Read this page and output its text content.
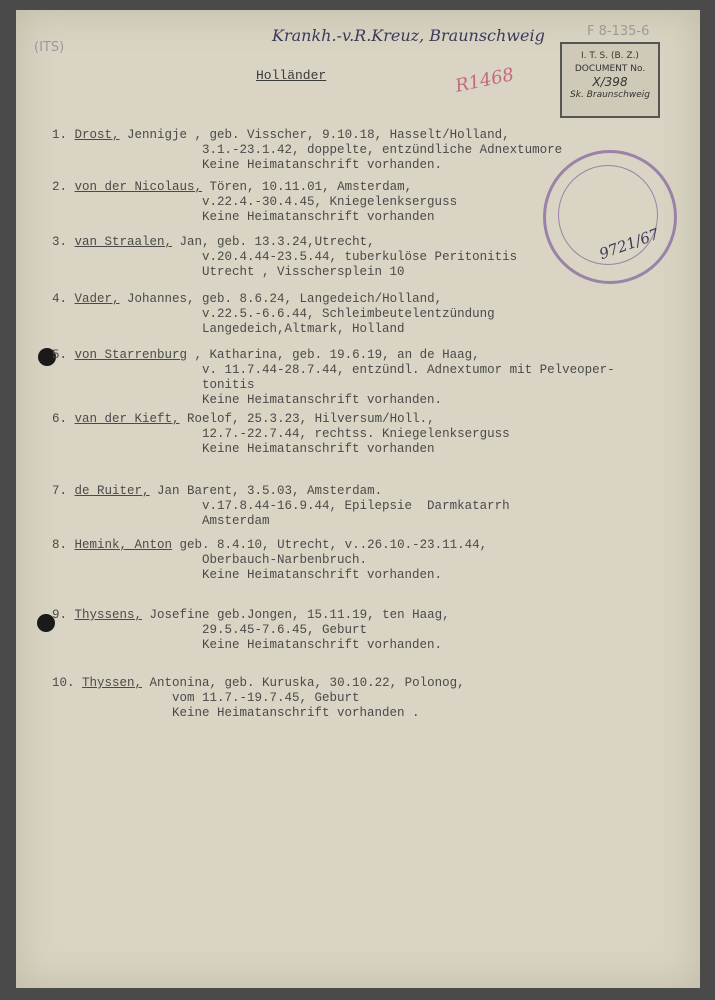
(ITS)
Krankh.-v.R.Kreuz, Braunschweig	F 8-135-6
R1468
I. T. S. (B. Z.)
DOCUMENT No.
X/398
Sk. Braunschweig
9721/67
Holländer
1. Drost, Jennigje , geb. Visscher, 9.10.18, Hasselt/Holland,
3.1.-23.1.42, doppelte, entzündliche Adnextumore
Keine Heimatanschrift vorhanden.
2. von der Nicolaus, Tören, 10.11.01, Amsterdam,
v.22.4.-30.4.45, Kniegelenkserguss
Keine Heimatanschrift vorhanden
3. van Straalen, Jan, geb. 13.3.24,Utrecht,
v.20.4.44-23.5.44, tuberkulöse Peritonitis
Utrecht , Visschersplein 10
4. Vader, Johannes, geb. 8.6.24, Langedeich/Holland,
v.22.5.-6.6.44, Schleimbeutelentzündung
Langedeich,Altmark, Holland
5. von Starrenburg , Katharina, geb. 19.6.19, an de Haag,
v. 11.7.44-28.7.44, entzündl. Adnextumor mit Pelveoper-
tonitis
Keine Heimatanschrift vorhanden.
6. van der Kieft, Roelof, 25.3.23, Hilversum/Holl.,
12.7.-22.7.44, rechtss. Kniegelenkserguss
Keine Heimatanschrift vorhanden
7. de Ruiter, Jan Barent, 3.5.03, Amsterdam.
v.17.8.44-16.9.44, Epilepsie  Darmkatarrh
Amsterdam
8. Hemink, Anton geb. 8.4.10, Utrecht, v..26.10.-23.11.44,
Oberbauch-Narbenbruch.
Keine Heimatanschrift vorhanden.
9. Thyssens, Josefine geb.Jongen, 15.11.19, ten Haag,
29.5.45-7.6.45, Geburt
Keine Heimatanschrift vorhanden.
10. Thyssen, Antonina, geb. Kuruska, 30.10.22, Polonog,
vom 11.7.-19.7.45, Geburt
Keine Heimatanschrift vorhanden .
